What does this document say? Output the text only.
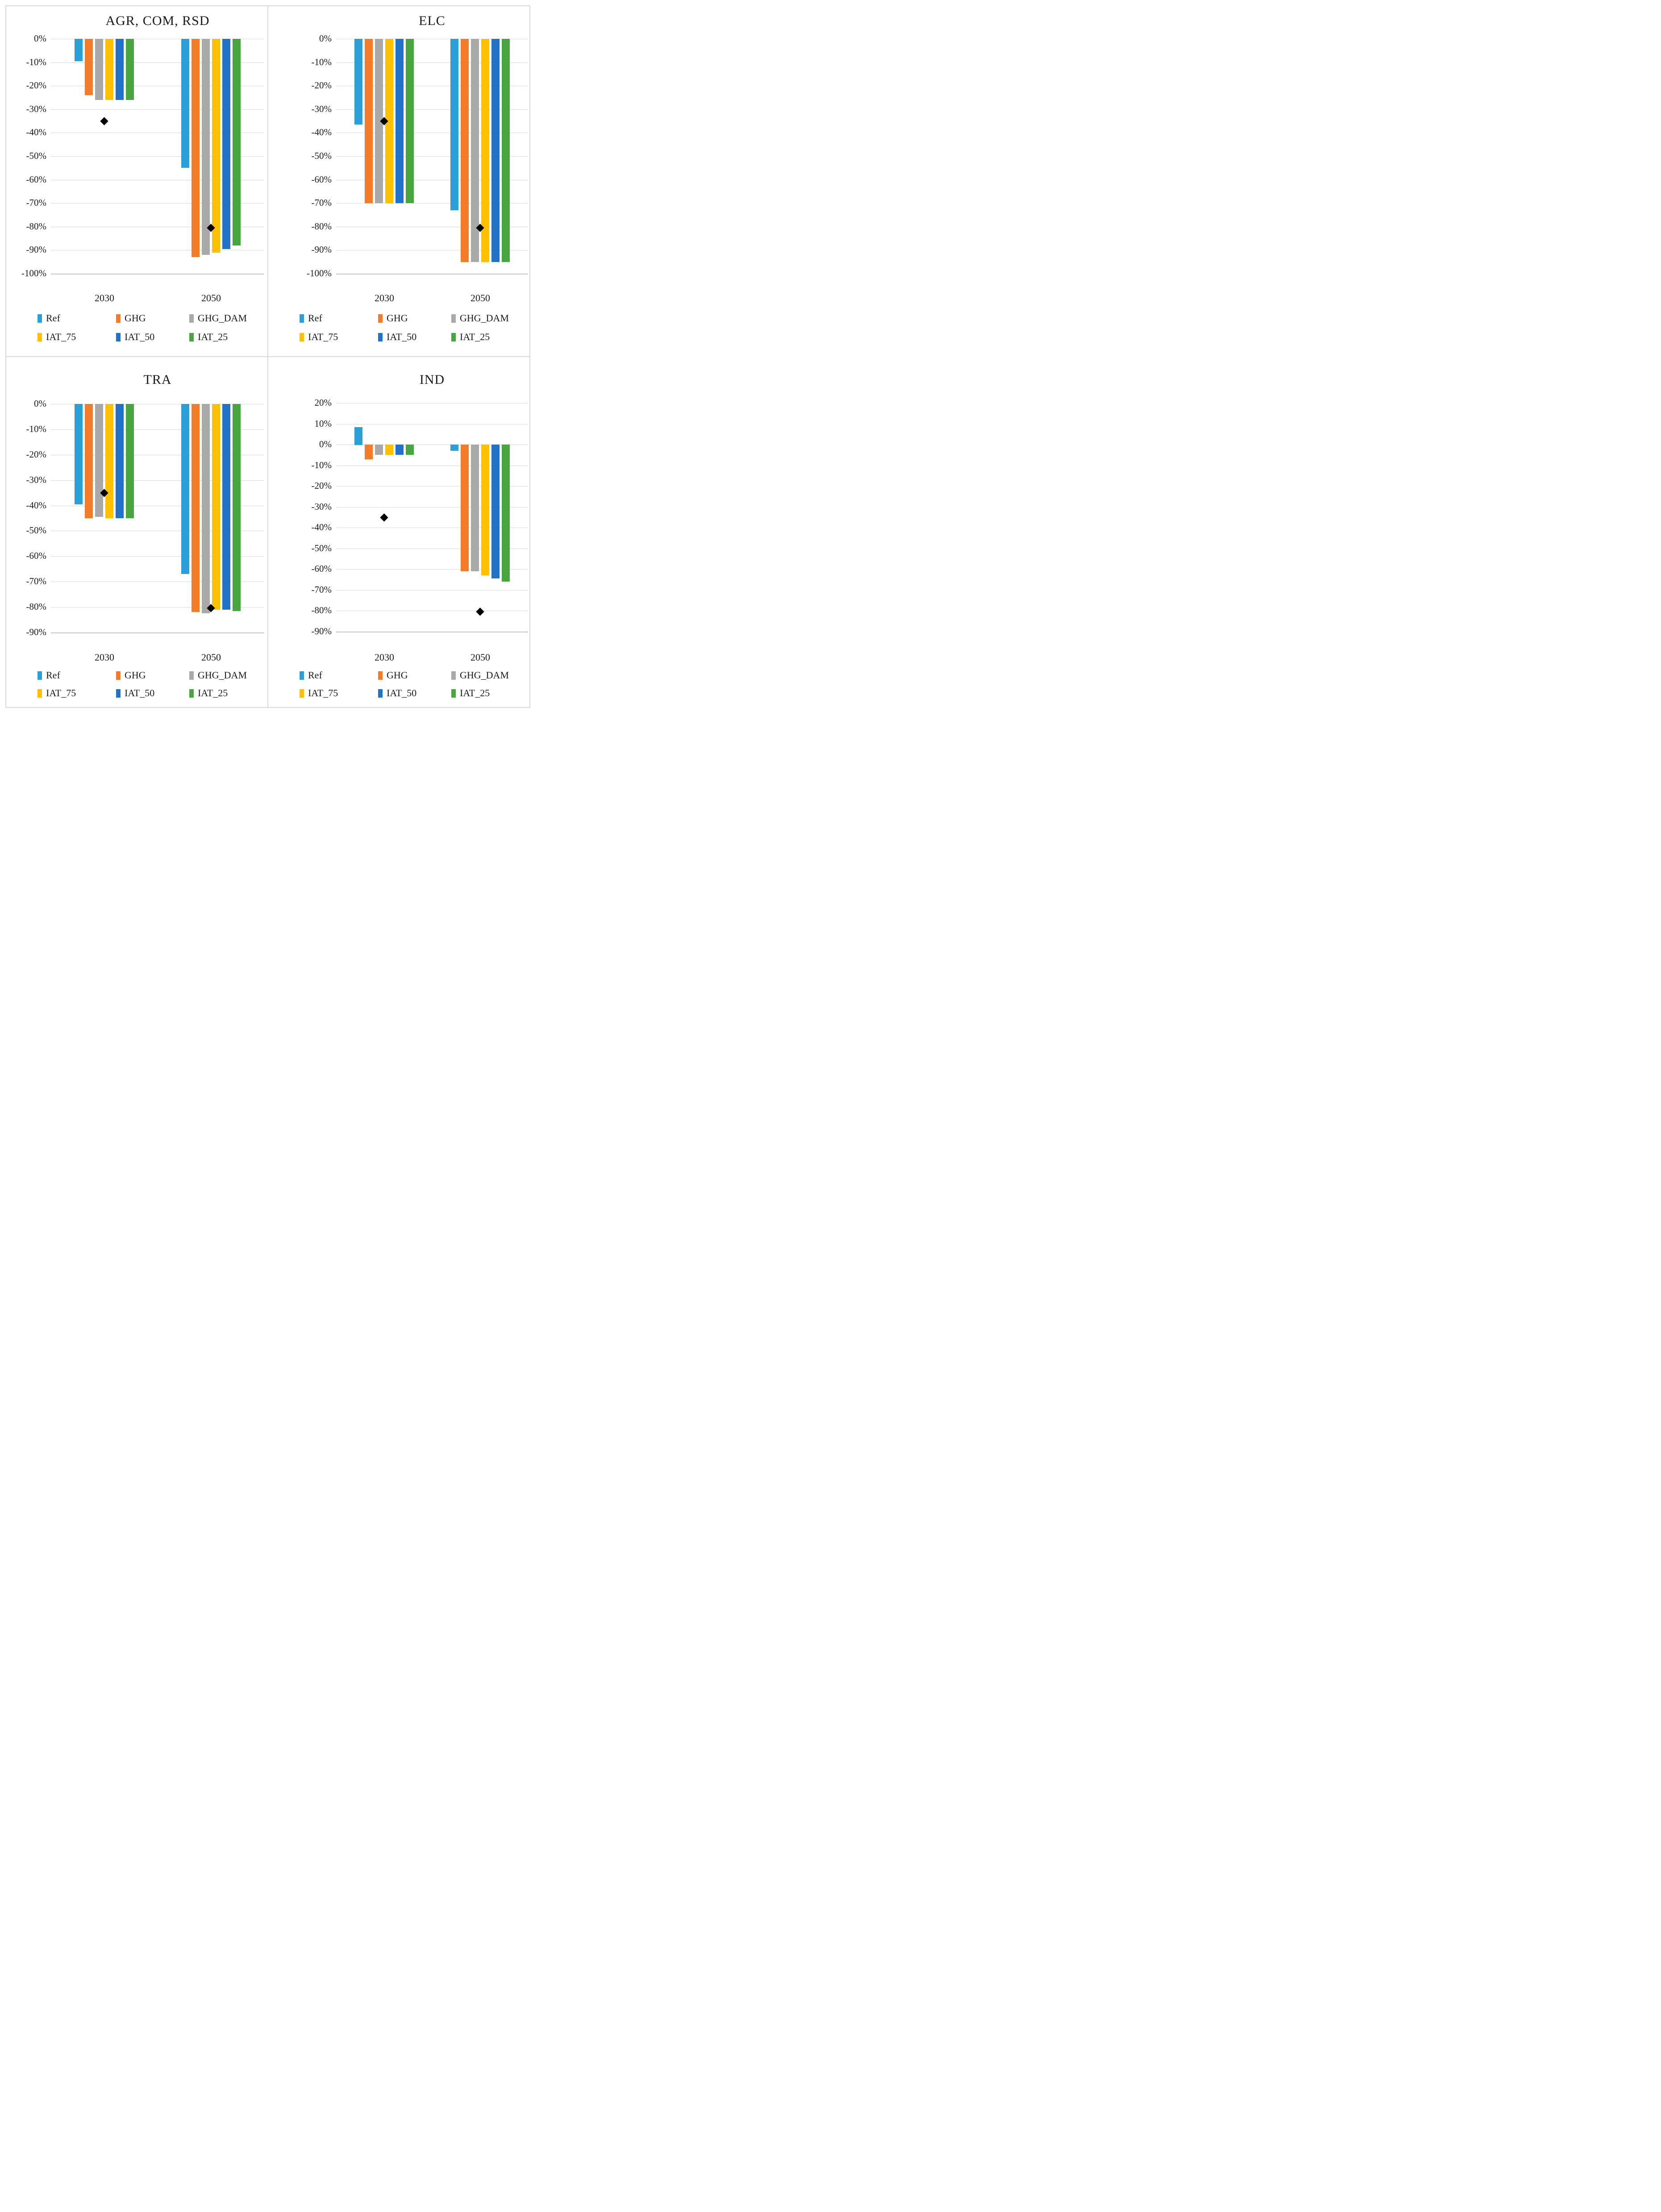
AGR, COM, RSD
0%
-10%
-20%
-30%
-40%
-50%
-60%
-70%
-80%
-90%
-100%
2030	2050
Ref	GHG	GHG_DAM
IAT_75	IAT_50	IAT_25
ELC
0%
-10%
-20%
-30%
-40%
-50%
-60%
-70%
-80%
-90%
-100%
2030	2050
Ref	GHG	GHG_DAM
IAT_75	IAT_50	IAT_25
TRA
0%
-10%
-20%
-30%
-40%
-50%
-60%
-70%
-80%
-90%
2030	2050
Ref	GHG	GHG_DAM
IAT_75	IAT_50	IAT_25
IND
20%
10%
0%
-10%
-20%
-30%
-40%
-50%
-60%
-70%
-80%
-90%
2030	2050
Ref	GHG	GHG_DAM
IAT_75	IAT_50	IAT_25
